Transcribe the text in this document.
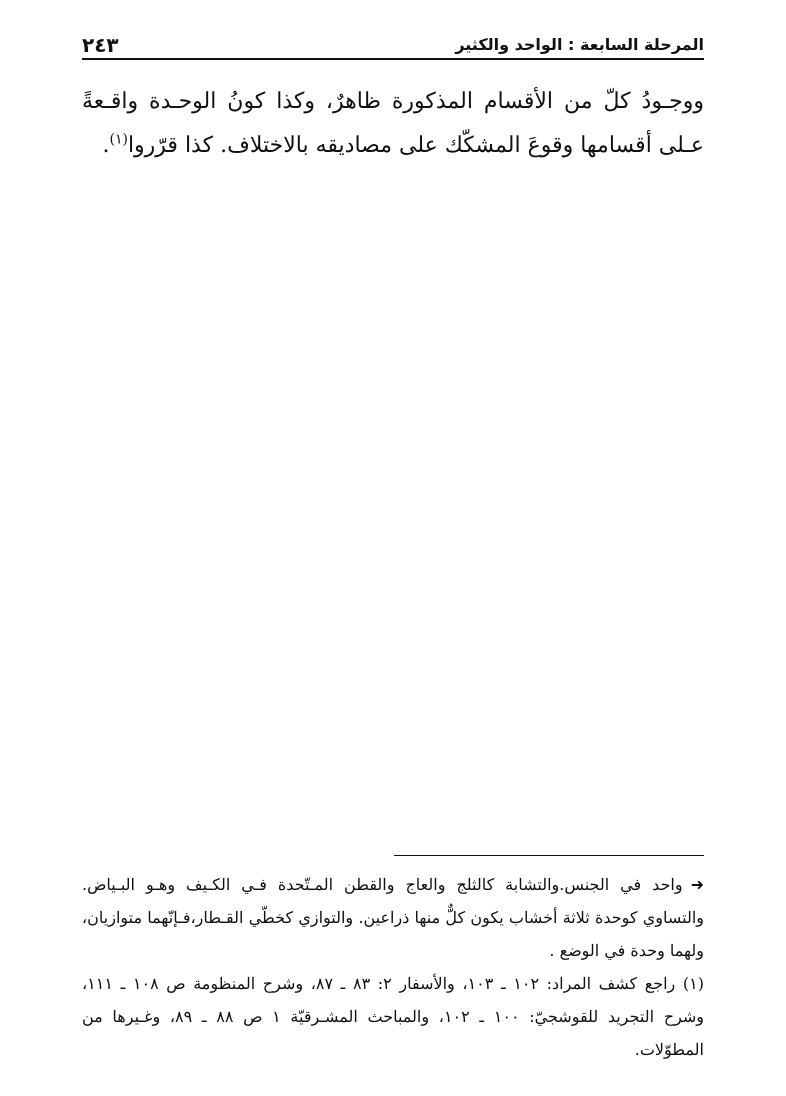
المرحلة السابعة : الواحد والكثير
٢٤٣

ووجـودُ كلّ من الأقسام المذكورة ظاهرٌ، وكذا كونُ الوحـدة واقـعةً عـلى أقسامها وقوعَ المشكّك على مصاديقه بالاختلاف. كذا قرّروا$^{(١)}$.

➜واحد في الجنس.والتشابة كالثلج والعاج والقطن المـتّحدة فـي الكـيف وهـو البـياض. والتساوي كوحدة ثلاثة أخشاب يكون كلٌّ منها ذراعين. والتوازي كخطّي القـطار،فـإنّهما متوازيان، ولهما وحدة في الوضع .

(١) راجع كشف المراد: ١٠٢ ـ ١٠٣، والأسفار ٢: ٨٣ ـ ٨٧، وشرح المنظومة ص ١٠٨ ـ ١١١، وشرح التجريد للقوشجيّ: ١٠٠ ـ ١٠٢، والمباحث المشـرقيّة ١ ص ٨٨ ـ ٨٩، وغـيرها من المطوّلات.
